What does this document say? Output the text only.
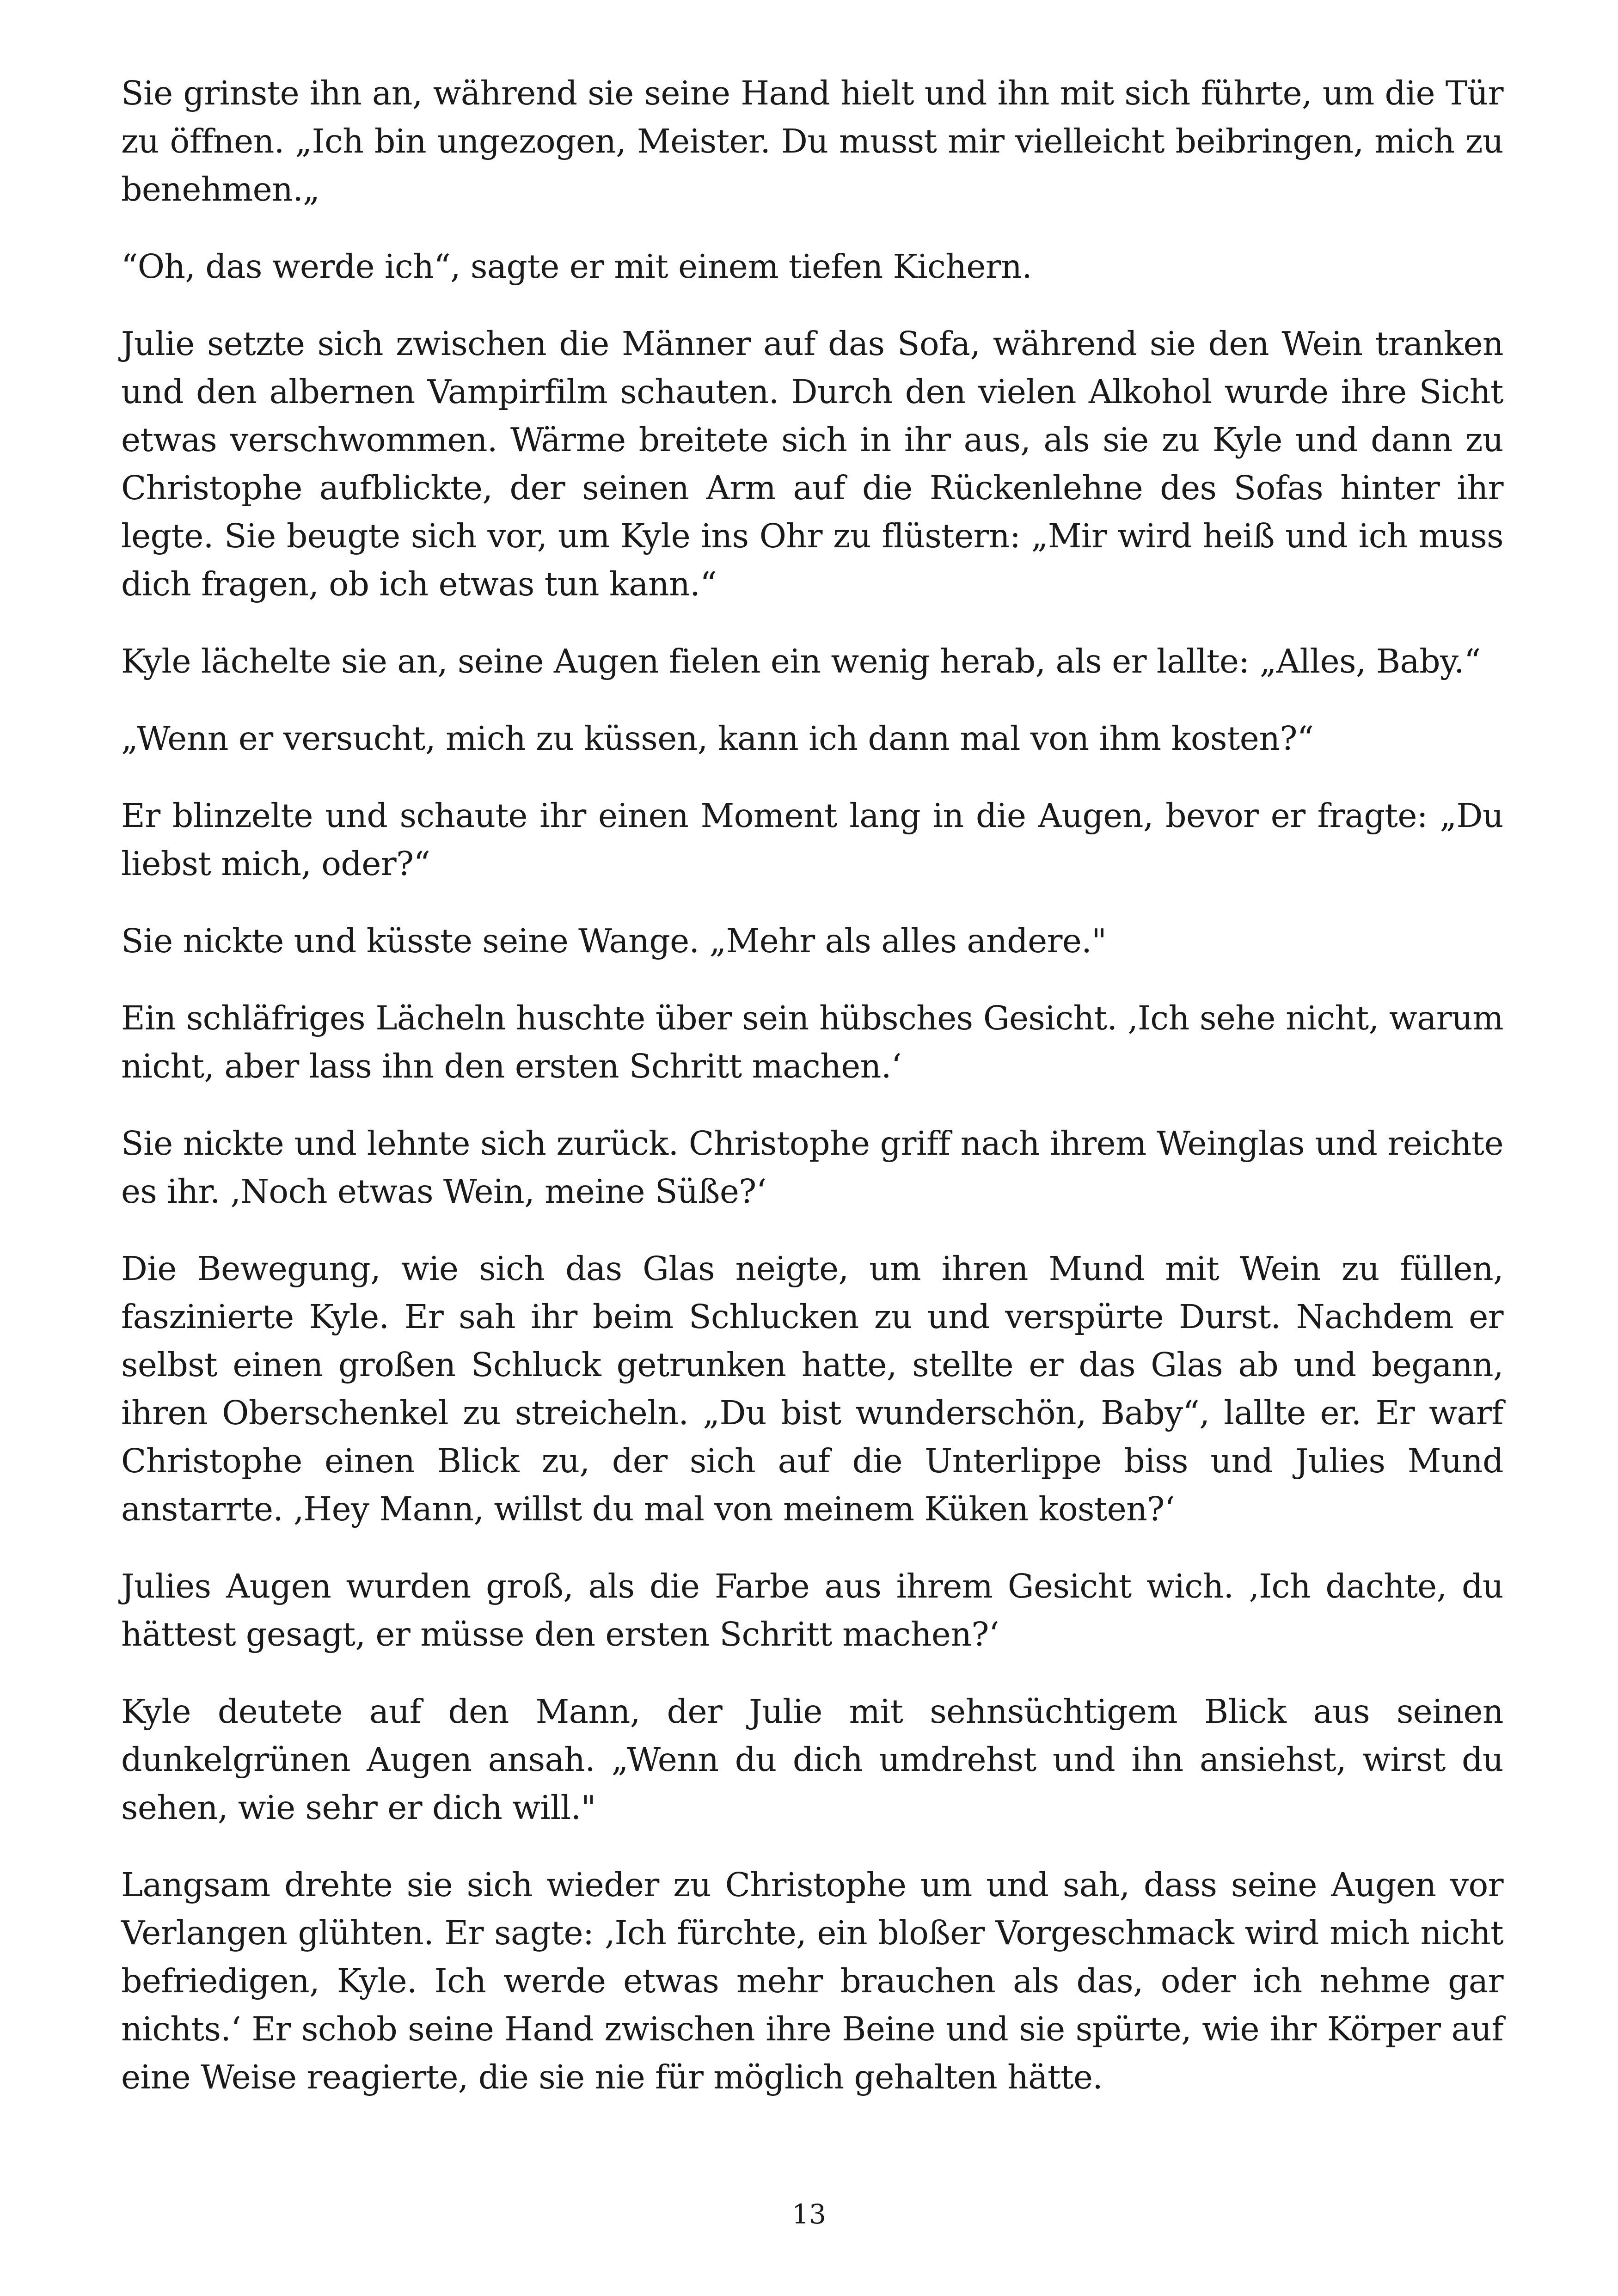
Sie grinste ihn an, während sie seine Hand hielt und ihn mit sich führte, um die Tür zu öffnen. „Ich bin ungezogen, Meister. Du musst mir vielleicht beibringen, mich zu benehmen.„

“Oh, das werde ich“, sagte er mit einem tiefen Kichern.

Julie setzte sich zwischen die Männer auf das Sofa, während sie den Wein tranken und den albernen Vampirfilm schauten. Durch den vielen Alkohol wurde ihre Sicht etwas verschwommen. Wärme breitete sich in ihr aus, als sie zu Kyle und dann zu Christophe aufblickte, der seinen Arm auf die Rückenlehne des Sofas hinter ihr legte. Sie beugte sich vor, um Kyle ins Ohr zu flüstern: „Mir wird heiß und ich muss dich fragen, ob ich etwas tun kann.“

Kyle lächelte sie an, seine Augen fielen ein wenig herab, als er lallte: „Alles, Baby.“

„Wenn er versucht, mich zu küssen, kann ich dann mal von ihm kosten?“

Er blinzelte und schaute ihr einen Moment lang in die Augen, bevor er fragte: „Du liebst mich, oder?“

Sie nickte und küsste seine Wange. „Mehr als alles andere."

Ein schläfriges Lächeln huschte über sein hübsches Gesicht. ‚Ich sehe nicht, warum nicht, aber lass ihn den ersten Schritt machen.‘

Sie nickte und lehnte sich zurück. Christophe griff nach ihrem Weinglas und reichte es ihr. ‚Noch etwas Wein, meine Süße?‘

Die Bewegung, wie sich das Glas neigte, um ihren Mund mit Wein zu füllen, faszinierte Kyle. Er sah ihr beim Schlucken zu und verspürte Durst. Nachdem er selbst einen großen Schluck getrunken hatte, stellte er das Glas ab und begann, ihren Oberschenkel zu streicheln. „Du bist wunderschön, Baby“, lallte er. Er warf Christophe einen Blick zu, der sich auf die Unterlippe biss und Julies Mund anstarrte. ‚Hey Mann, willst du mal von meinem Küken kosten?‘

Julies Augen wurden groß, als die Farbe aus ihrem Gesicht wich. ‚Ich dachte, du hättest gesagt, er müsse den ersten Schritt machen?‘

Kyle deutete auf den Mann, der Julie mit sehnsüchtigem Blick aus seinen dunkelgrünen Augen ansah. „Wenn du dich umdrehst und ihn ansiehst, wirst du sehen, wie sehr er dich will."

Langsam drehte sie sich wieder zu Christophe um und sah, dass seine Augen vor Verlangen glühten. Er sagte: ‚Ich fürchte, ein bloßer Vorgeschmack wird mich nicht befriedigen, Kyle. Ich werde etwas mehr brauchen als das, oder ich nehme gar nichts.‘ Er schob seine Hand zwischen ihre Beine und sie spürte, wie ihr Körper auf eine Weise reagierte, die sie nie für möglich gehalten hätte.

13
